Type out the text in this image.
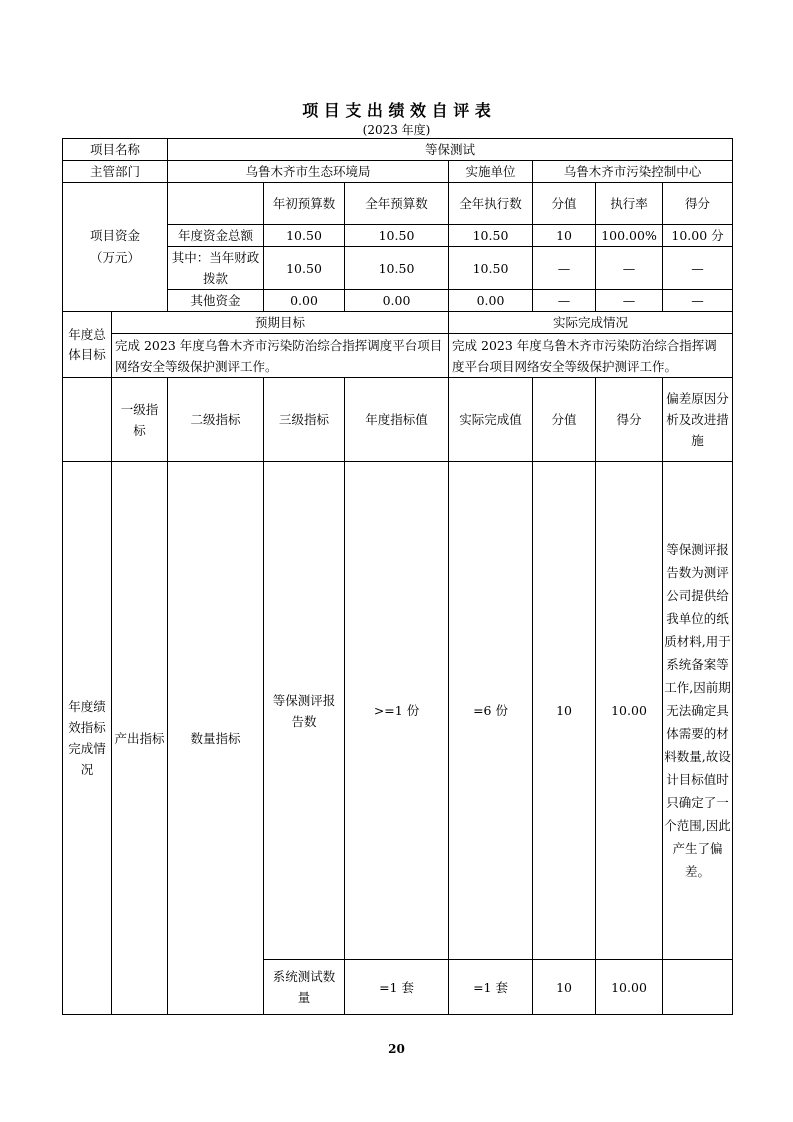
项 目 支 出 绩 效 自 评 表
(2023 年度)
项目名称		等保测试						
主管部门		乌鲁木齐市生态环境局			实施单位	乌鲁木齐市污染控制中心		
项目资金
（万元）			年初预算数	全年预算数	全年执行数	分值	执行率	得分
		年度资金总额	10.50	10.50	10.50	10	100.00%	10.00 分
		其中：当年财政拨款	10.50	10.50	10.50	—	—	—
		其他资金	0.00	0.00	0.00	—	—	—
年度总体目标	预期目标				实际完成情况			
	完成 2023 年度乌鲁木齐市污染防治综合指挥调度平台项目网络安全等级保护测评工作。				完成 2023 年度乌鲁木齐市污染防治综合指挥调度平台项目网络安全等级保护测评工作。			
	一级指标	二级指标	三级指标	年度指标值	实际完成值	分值	得分	偏差原因分析及改进措施
年度绩效指标完成情况	产出指标	数量指标	等保测评报告数	>=1 份	=6 份	10	10.00	等保测评报告数为测评公司提供给我单位的纸质材料,用于系统备案等工作,因前期无法确定具体需要的材料数量,故设计目标值时只确定了一个范围,因此产生了偏差。
			系统测试数量	=1 套	=1 套	10	10.00	
20
